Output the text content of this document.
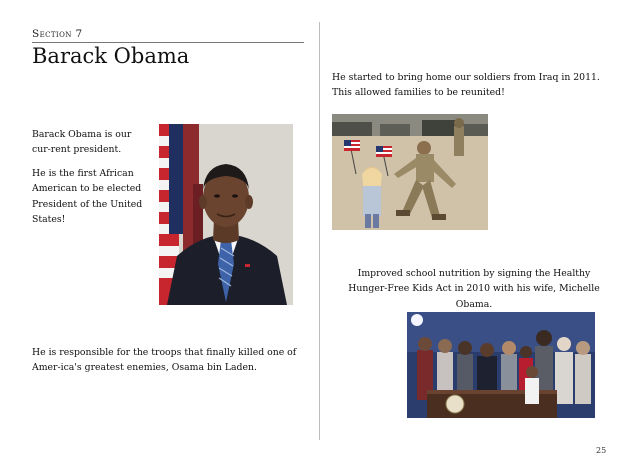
Section 7
Barack Obama

Barack Obama is our cur-rent president.

He is the first African American to be elected President of the United States!

He is responsible for the troops that finally killed one of Amer-ica's greatest enemies, Osama bin Laden.

He started to bring home our soldiers from Iraq in 2011. This allowed families to be reunited!

Improved school nutrition by signing the Healthy Hunger-Free Kids Act in 2010 with his wife, Michelle Obama.

25
